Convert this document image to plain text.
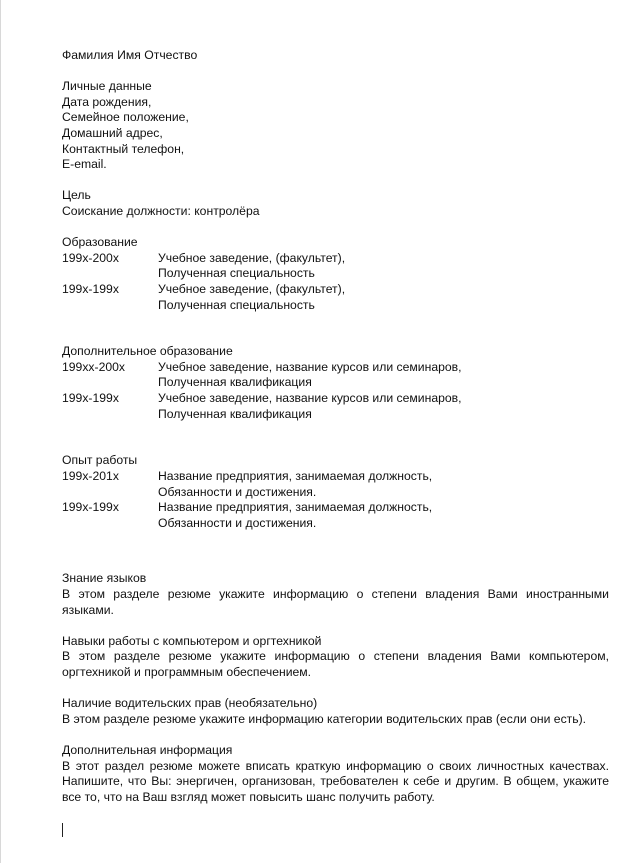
Фамилия Имя Отчество
Личные данные
Дата рождения,
Семейное положение,
Домашний адрес,
Контактный телефон,
E-email.
Цель
Соискание должности: контролёра
Образование
199х-200х	Учебное заведение, (факультет),
Полученная специальность
199х-199х	Учебное заведение, (факультет),
Полученная специальность
Дополнительное образование
199хх-200х	Учебное заведение, название курсов или семинаров,
Полученная квалификация
199х-199х	Учебное заведение, название курсов или семинаров,
Полученная квалификация
Опыт работы
199х-201х	Название предприятия, занимаемая должность,
Обязанности и достижения.
199х-199х	Название предприятия, занимаемая должность,
Обязанности и достижения.
Знание языков
В этом разделе резюме укажите информацию о степени владения Вами иностранными языками.
Навыки работы с компьютером и оргтехникой
В этом разделе резюме укажите информацию о степени владения Вами компьютером, оргтехникой и программным обеспечением.
Наличие водительских прав (необязательно)
В этом разделе резюме укажите информацию категории водительских прав (если они есть).
Дополнительная информация
В этот раздел резюме можете вписать краткую информацию о своих личностных качествах. Напишите, что Вы: энергичен, организован, требователен к себе и другим. В общем, укажите все то, что на Ваш взгляд может повысить шанс получить работу.
